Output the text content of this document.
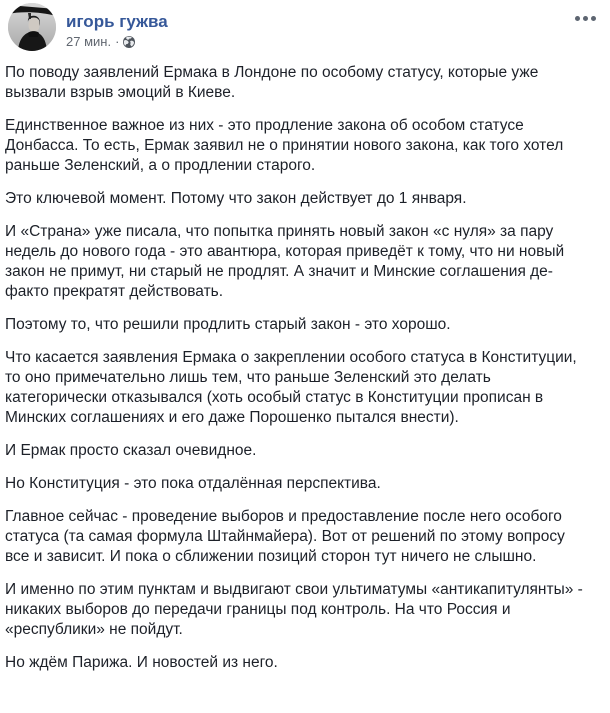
игорь гужва
27 мин. ·

По поводу заявлений Ермака в Лондоне по особому статусу, которые уже вызвали взрыв эмоций в Киеве.

Единственное важное из них - это продление закона об особом статусе Донбасса. То есть, Ермак заявил не о принятии нового закона, как того хотел раньше Зеленский, а о продлении старого.

Это ключевой момент. Потому что закон действует до 1 января.

И «Страна» уже писала, что попытка принять новый закон «с нуля» за пару недель до нового года - это авантюра, которая приведёт к тому, что ни новый закон не примут, ни старый не продлят. А значит и Минские соглашения де-факто прекратят действовать.

Поэтому то, что решили продлить старый закон - это хорошо.

Что касается заявления Ермака о закреплении особого статуса в Конституции, то оно примечательно лишь тем, что раньше Зеленский это делать категорически отказывался (хоть особый статус в Конституции прописан в Минских соглашениях и его даже Порошенко пытался внести).

И Ермак просто сказал очевидное.

Но Конституция - это пока отдалённая перспектива.

Главное сейчас - проведение выборов и предоставление после него особого статуса (та самая формула Штайнмайера). Вот от решений по этому вопросу все и зависит. И пока о сближении позиций сторон тут ничего не слышно.

И именно по этим пунктам и выдвигают свои ультиматумы «антикапитулянты» - никаких выборов до передачи границы под контроль. На что Россия и «республики» не пойдут.

Но ждём Парижа. И новостей из него.
